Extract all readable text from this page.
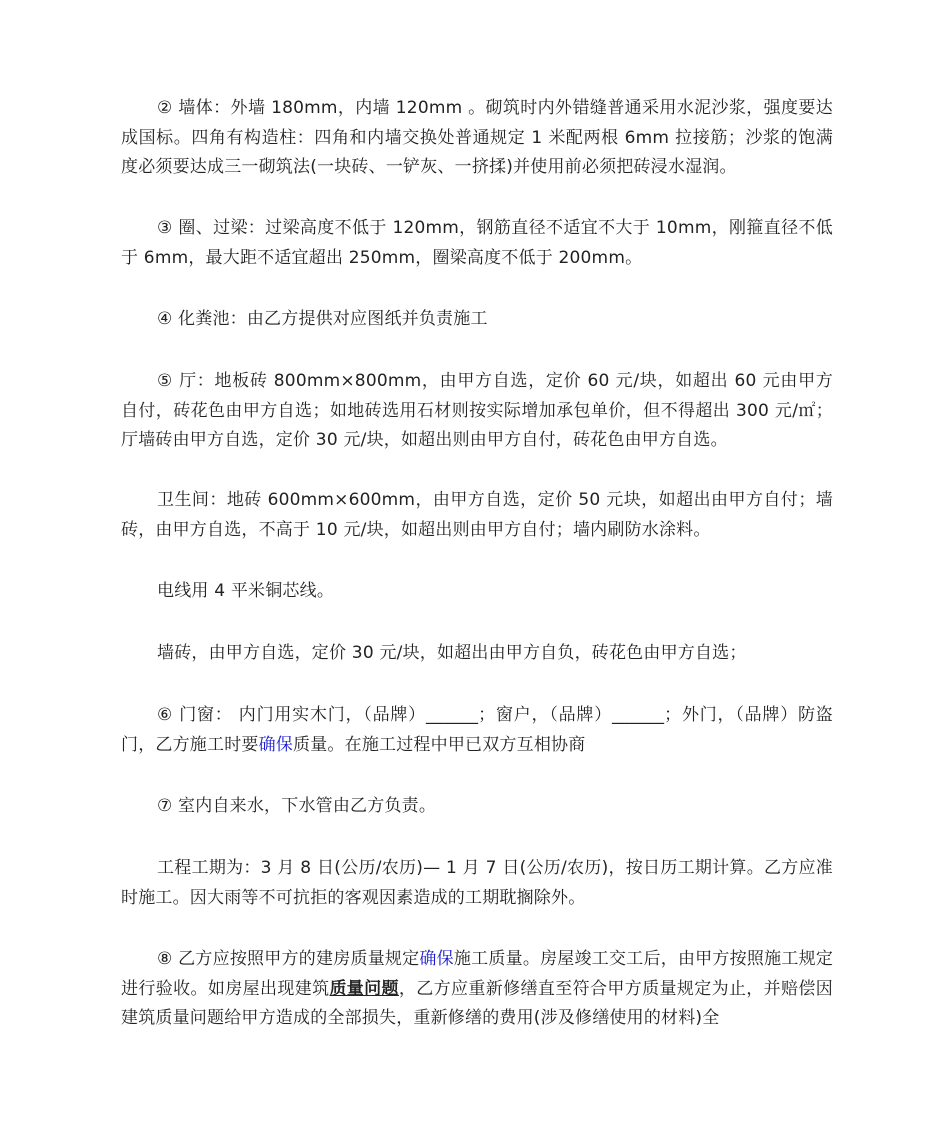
② 墙体：外墙 180mm，内墙 120mm 。砌筑时内外错缝普通采用水泥沙浆，强度要达成国标。四角有构造柱：四角和内墙交换处普通规定 1 米配两根 6mm 拉接筋；沙浆的饱满度必须要达成三一砌筑法(一块砖、一铲灰、一挤揉)并使用前必须把砖浸水湿润。
③ 圈、过梁：过梁高度不低于 120mm，钢筋直径不适宜不大于 10mm，刚箍直径不低于 6mm，最大距不适宜超出 250mm，圈梁高度不低于 200mm。
④ 化粪池：由乙方提供对应图纸并负责施工
⑤ 厅：地板砖 800mm×800mm，由甲方自选，定价 60 元/块，如超出 60 元由甲方自付，砖花色由甲方自选；如地砖选用石材则按实际增加承包单价，但不得超出 300 元/㎡；厅墙砖由甲方自选，定价 30 元/块，如超出则由甲方自付，砖花色由甲方自选。
卫生间：地砖 600mm×600mm，由甲方自选，定价 50 元块，如超出由甲方自付；墙砖，由甲方自选，不高于 10 元/块，如超出则由甲方自付；墙内刷防水涂料。
电线用 4 平米铜芯线。
墙砖，由甲方自选，定价 30 元/块，如超出由甲方自负，砖花色由甲方自选；
⑥ 门窗： 内门用实木门，（品牌）______；窗户，（品牌）______；外门，（品牌）防盗门，乙方施工时要确保质量。在施工过程中甲已双方互相协商
⑦ 室内自来水，下水管由乙方负责。
工程工期为：3 月 8 日(公历/农历)— 1 月 7 日(公历/农历)，按日历工期计算。乙方应准时施工。因大雨等不可抗拒的客观因素造成的工期耽搁除外。
⑧ 乙方应按照甲方的建房质量规定确保施工质量。房屋竣工交工后，由甲方按照施工规定进行验收。如房屋出现建筑质量问题，乙方应重新修缮直至符合甲方质量规定为止，并赔偿因建筑质量问题给甲方造成的全部损失，重新修缮的费用(涉及修缮使用的材料)全
